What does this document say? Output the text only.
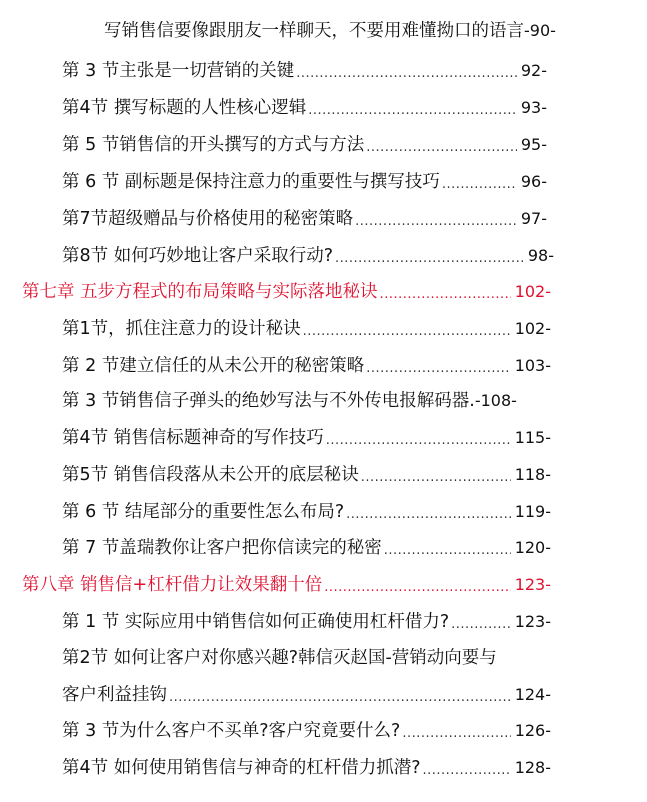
写销售信要像跟朋友一样聊天，不要用难懂拗口的语言 -90-
第 3 节主张是一切营销的关键 .....	92-
第4节 撰写标题的人性核心逻辑 .....	93-
第 5 节销售信的开头撰写的方式与方法 .....	95-
第 6 节 副标题是保持注意力的重要性与撰写技巧 .....	96-
第7节超级赠品与价格使用的秘密策略 .....	97-
第8节 如何巧妙地让客户采取行动? .....	98-
第七章 五步方程式的布局策略与实际落地秘诀 .....	102-
第1节，抓住注意力的设计秘诀 .....	102-
第 2 节建立信任的从未公开的秘密策略 .....	103-
第 3 节销售信子弹头的绝妙写法与不外传电报解码器. -108-
第4节 销售信标题神奇的写作技巧 .....	115-
第5节 销售信段落从未公开的底层秘诀 .....	118-
第 6 节 结尾部分的重要性怎么布局? .....	119-
第 7 节盖瑞教你让客户把你信读完的秘密 .....	120-
第八章 销售信+杠杆借力让效果翻十倍 .....	123-
第 1 节 实际应用中销售信如何正确使用杠杆借力? .....	123-
第2节 如何让客户对你感兴趣?韩信灭赵国-营销动向要与
客户利益挂钩 .....	124-
第 3 节为什么客户不买单?客户究竟要什么? .....	126-
第4节 如何使用销售信与神奇的杠杆借力抓潜? .....	128-
